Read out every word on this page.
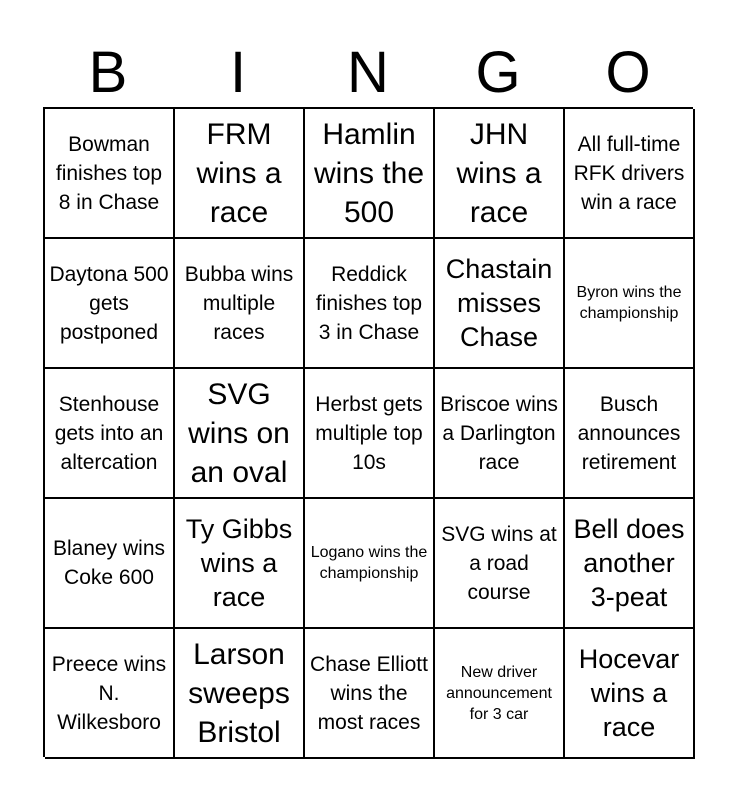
B	I	N	G	O
Bowman finishes top 8 in Chase
FRM wins a race
Hamlin wins the 500
JHN wins a race
All full-time RFK drivers win a race
Daytona 500 gets postponed
Bubba wins multiple races
Reddick finishes top 3 in Chase
Chastain misses Chase
Byron wins the championship
Stenhouse gets into an altercation
SVG wins on an oval
Herbst gets multiple top 10s
Briscoe wins a Darlington race
Busch announces retirement
Blaney wins Coke 600
Ty Gibbs wins a race
Logano wins the championship
SVG wins at a road course
Bell does another 3-peat
Preece wins N. Wilkesboro
Larson sweeps Bristol
Chase Elliott wins the most races
New driver announcement for 3 car
Hocevar wins a race
